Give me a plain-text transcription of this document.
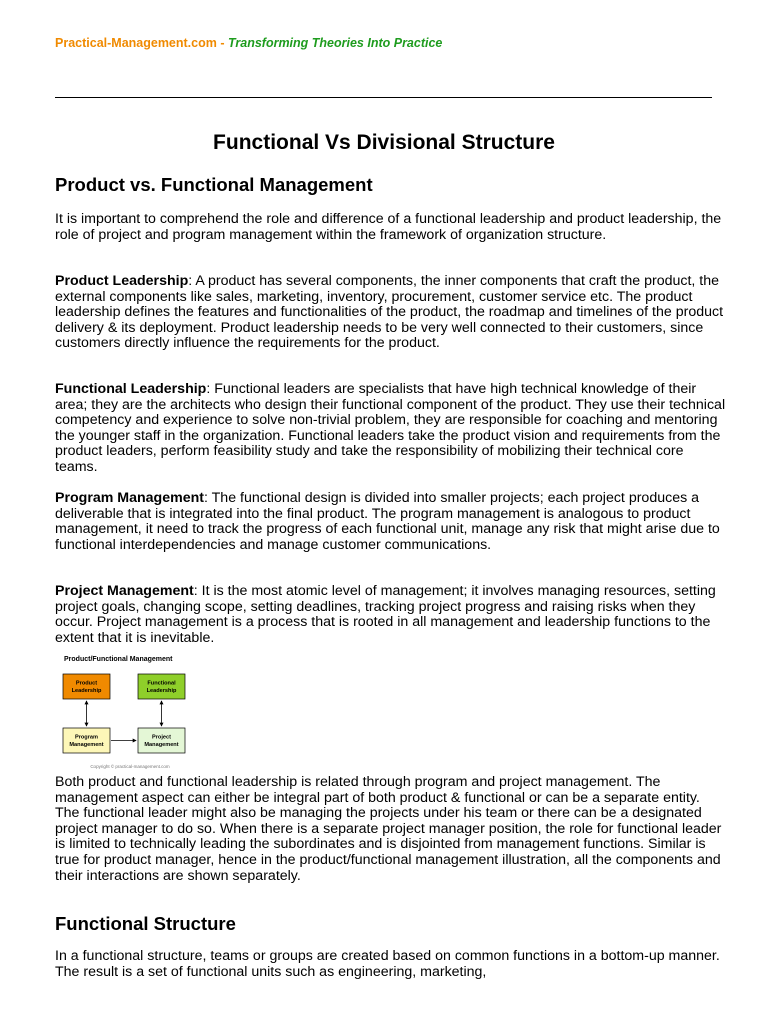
Practical-Management.com - Transforming Theories Into Practice
Functional Vs Divisional Structure
Product vs. Functional Management

It is important to comprehend the role and difference of a functional leadership and product leadership, the role of project and program management within the framework of organization structure.

Product Leadership: A product has several components, the inner components that craft the product, the external components like sales, marketing, inventory, procurement, customer service etc. The product leadership defines the features and functionalities of the product, the roadmap and timelines of the product delivery & its deployment. Product leadership needs to be very well connected to their customers, since customers directly influence the requirements for the product.

Functional Leadership: Functional leaders are specialists that have high technical knowledge of their area; they are the architects who design their functional component of the product. They use their technical competency and experience to solve non-trivial problem, they are responsible for coaching and mentoring the younger staff in the organization. Functional leaders take the product vision and requirements from the product leaders, perform feasibility study and take the responsibility of mobilizing their technical core teams.

Program Management: The functional design is divided into smaller projects; each project produces a deliverable that is integrated into the final product. The program management is analogous to product management, it need to track the progress of each functional unit, manage any risk that might arise due to functional interdependencies and manage customer communications.

Project Management: It is the most atomic level of management; it involves managing resources, setting project goals, changing scope, setting deadlines, tracking project progress and raising risks when they occur. Project management is a process that is rooted in all management and leadership functions to the extent that it is inevitable.

Product/Functional Management
Product
Leadership
Functional
Leadership
Program
Management
Project
Management
Copyright © practical-management.com

Both product and functional leadership is related through program and project management. The management aspect can either be integral part of both product & functional or can be a separate entity. The functional leader might also be managing the projects under his team or there can be a designated project manager to do so. When there is a separate project manager position, the role for functional leader is limited to technically leading the subordinates and is disjointed from management functions. Similar is true for product manager, hence in the product/functional management illustration, all the components and their interactions are shown separately.

Functional Structure

In a functional structure, teams or groups are created based on common functions in a bottom-up manner. The result is a set of functional units such as engineering, marketing,
